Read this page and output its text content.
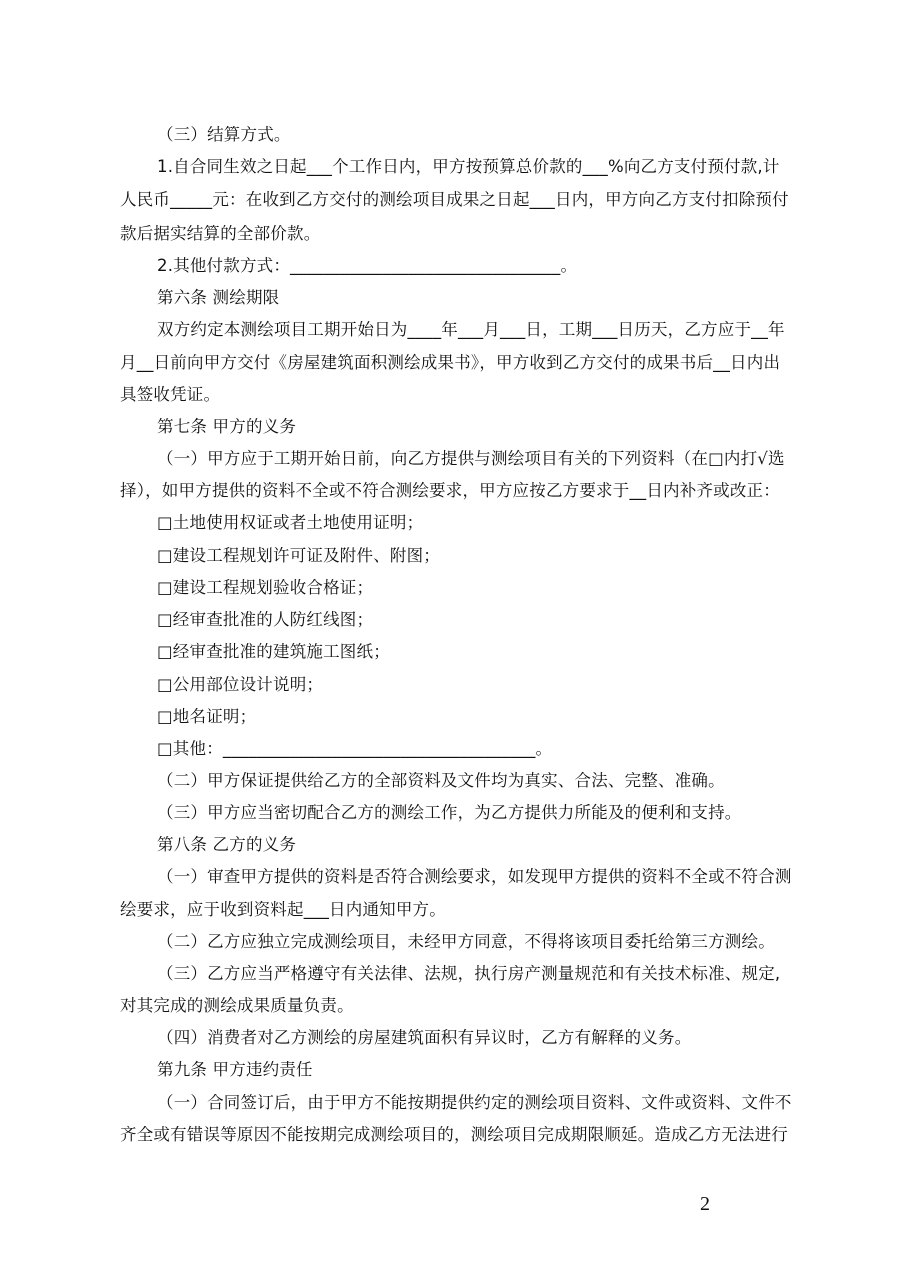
（三）结算方式。
1.自合同生效之日起___个工作日内，甲方按预算总价款的___%向乙方支付预付款,计
人民币_____元：在收到乙方交付的测绘项目成果之日起___日内，甲方向乙方支付扣除预付
款后据实结算的全部价款。
2.其他付款方式：________________________________。
第六条 测绘期限
双方约定本测绘项目工期开始日为____年___月___日，工期___日历天，乙方应于__年
月__日前向甲方交付《房屋建筑面积测绘成果书》，甲方收到乙方交付的成果书后__日内出
具签收凭证。
第七条 甲方的义务
（一）甲方应于工期开始日前，向乙方提供与测绘项目有关的下列资料（在□内打√选
择），如甲方提供的资料不全或不符合测绘要求，甲方应按乙方要求于__日内补齐或改正：
□土地使用权证或者土地使用证明；
□建设工程规划许可证及附件、附图；
□建设工程规划验收合格证；
□经审查批准的人防红线图；
□经审查批准的建筑施工图纸；
□公用部位设计说明；
□地名证明；
□其他：_____________________________________。
（二）甲方保证提供给乙方的全部资料及文件均为真实、合法、完整、准确。
（三）甲方应当密切配合乙方的测绘工作，为乙方提供力所能及的便利和支持。
第八条 乙方的义务
（一）审查甲方提供的资料是否符合测绘要求，如发现甲方提供的资料不全或不符合测
绘要求，应于收到资料起___日内通知甲方。
（二）乙方应独立完成测绘项目，未经甲方同意，不得将该项目委托给第三方测绘。
（三）乙方应当严格遵守有关法律、法规，执行房产测量规范和有关技术标准、规定,
对其完成的测绘成果质量负责。
（四）消费者对乙方测绘的房屋建筑面积有异议时，乙方有解释的义务。
第九条 甲方违约责任
（一）合同签订后，由于甲方不能按期提供约定的测绘项目资料、文件或资料、文件不
齐全或有错误等原因不能按期完成测绘项目的，测绘项目完成期限顺延。造成乙方无法进行
2
